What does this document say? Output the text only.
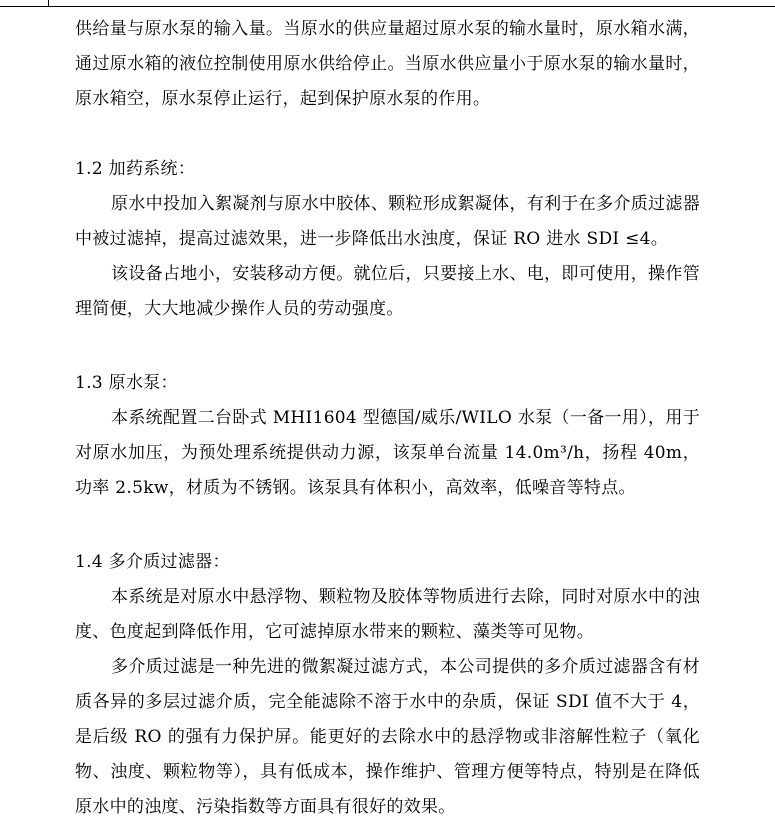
供给量与原水泵的输入量。当原水的供应量超过原水泵的输水量时，原水箱水满，通过原水箱的液位控制使用原水供给停止。当原水供应量小于原水泵的输水量时，原水箱空，原水泵停止运行，起到保护原水泵的作用。

1.2 加药系统：

原水中投加入絮凝剂与原水中胶体、颗粒形成絮凝体，有利于在多介质过滤器中被过滤掉，提高过滤效果，进一步降低出水浊度，保证 RO 进水 SDI ≤4。

该设备占地小，安装移动方便。就位后，只要接上水、电，即可使用，操作管理简便，大大地减少操作人员的劳动强度。

1.3 原水泵：

本系统配置二台卧式 MHI1604 型德国/威乐/WILO 水泵（一备一用），用于对原水加压，为预处理系统提供动力源，该泵单台流量 14.0m³/h，扬程 40m，功率 2.5kw，材质为不锈钢。该泵具有体积小，高效率，低噪音等特点。

1.4 多介质过滤器：

本系统是对原水中悬浮物、颗粒物及胶体等物质进行去除，同时对原水中的浊度、色度起到降低作用，它可滤掉原水带来的颗粒、藻类等可见物。

多介质过滤是一种先进的微絮凝过滤方式，本公司提供的多介质过滤器含有材质各异的多层过滤介质，完全能滤除不溶于水中的杂质，保证 SDI 值不大于 4，是后级 RO 的强有力保护屏。能更好的去除水中的悬浮物或非溶解性粒子（氧化物、浊度、颗粒物等），具有低成本，操作维护、管理方便等特点，特别是在降低原水中的浊度、污染指数等方面具有很好的效果。
